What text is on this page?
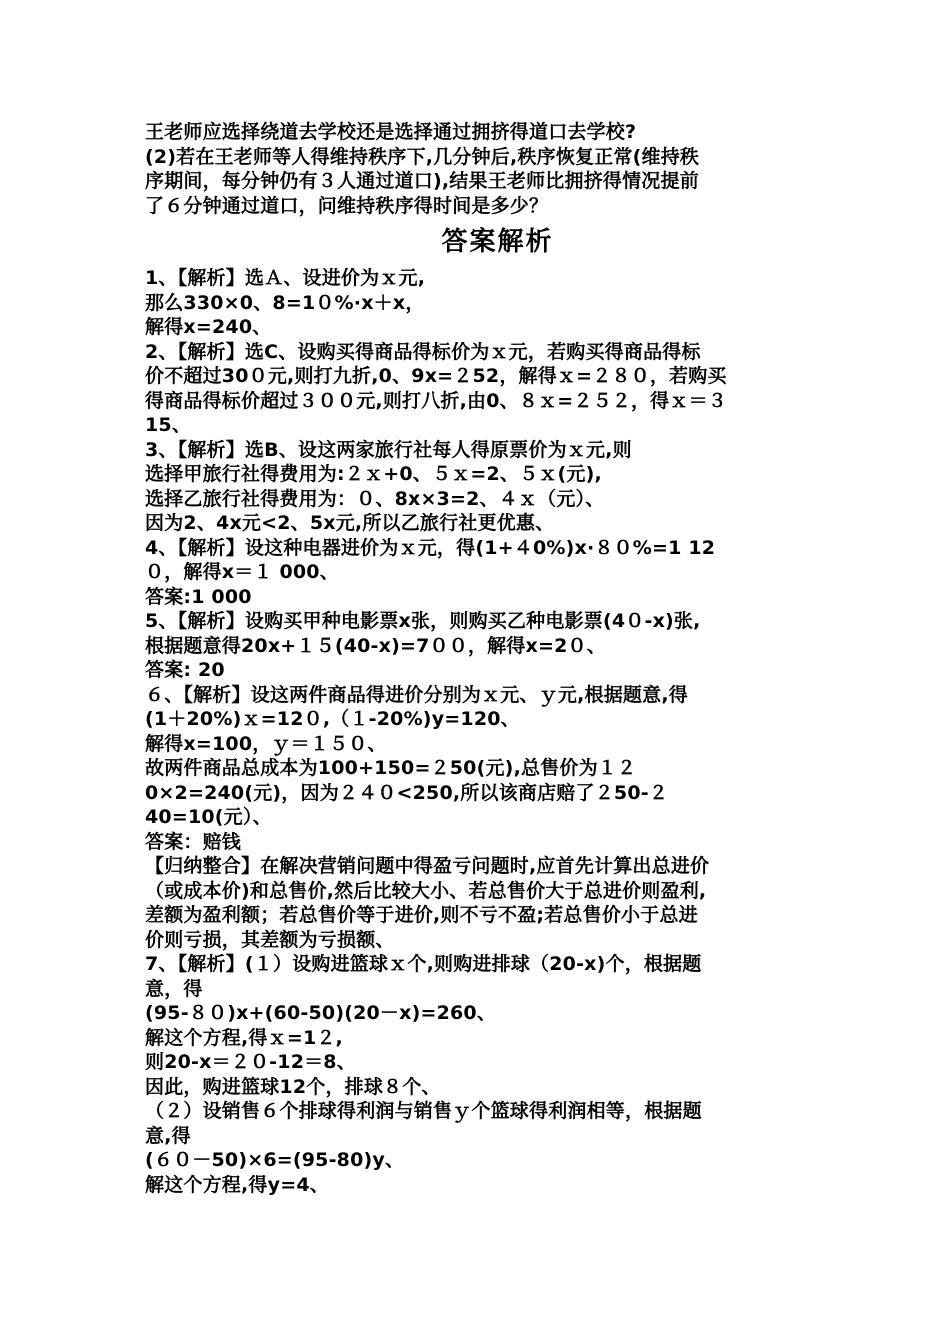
王老师应选择绕道去学校还是选择通过拥挤得道口去学校?
(2)若在王老师等人得维持秩序下,几分钟后,秩序恢复正常(维持秩
序期间，每分钟仍有３人通过道口),结果王老师比拥挤得情况提前
了６分钟通过道口，问维持秩序得时间是多少？
答案解析
1、【解析】选Ａ、设进价为ｘ元,
那么330×0、8=1０%·x＋x，
解得x=240、
2、【解析】选C、设购买得商品得标价为ｘ元，若购买得商品得标
价不超过30０元,则打九折,0、9x=２52，解得ｘ=２８０，若购买
得商品得标价超过３００元,则打八折,由0、８ｘ=２５２，得ｘ＝３
15、
3、【解析】选B、设这两家旅行社每人得原票价为ｘ元,则
选择甲旅行社得费用为:２ｘ+0、５ｘ=2、５ｘ(元),
选择乙旅行社得费用为：０、8x×3=2、４ｘ（元）、
因为2、4x元<2、5x元,所以乙旅行社更优惠、
4、【解析】设这种电器进价为ｘ元，得(1+４0%)x·８０%=1 12
０，解得x＝１ 000、
答案:1 000
5、【解析】设购买甲种电影票x张，则购买乙种电影票(4０-x)张,
根据题意得20x+１５(40-x)=7００，解得x=2０、
答案: 20
６、【解析】设这两件商品得进价分别为ｘ元、ｙ元,根据题意,得
(1＋20%)ｘ=12０,（１-20%)y=120、
解得x=100，ｙ＝１５０、
故两件商品总成本为100+150=２50(元),总售价为１２
0×2=240(元)，因为２４０<250,所以该商店赔了２50-２
40=10(元）、
答案：赔钱
【归纳整合】在解决营销问题中得盈亏问题时,应首先计算出总进价
（或成本价)和总售价,然后比较大小、若总售价大于总进价则盈利,
差额为盈利额；若总售价等于进价,则不亏不盈;若总售价小于总进
价则亏损，其差额为亏损额、
7、【解析】(１）设购进篮球ｘ个,则购进排球（20-x)个，根据题
意，得
(95-８０)x+(60-50)(20－x)=260、
解这个方程,得ｘ=1２,
则20-x＝２０-12＝8、
因此，购进篮球12个，排球８个、
（２）设销售６个排球得利润与销售ｙ个篮球得利润相等，根据题
意,得
(６０－50)×6=(95-80)y、
解这个方程,得y=4、
